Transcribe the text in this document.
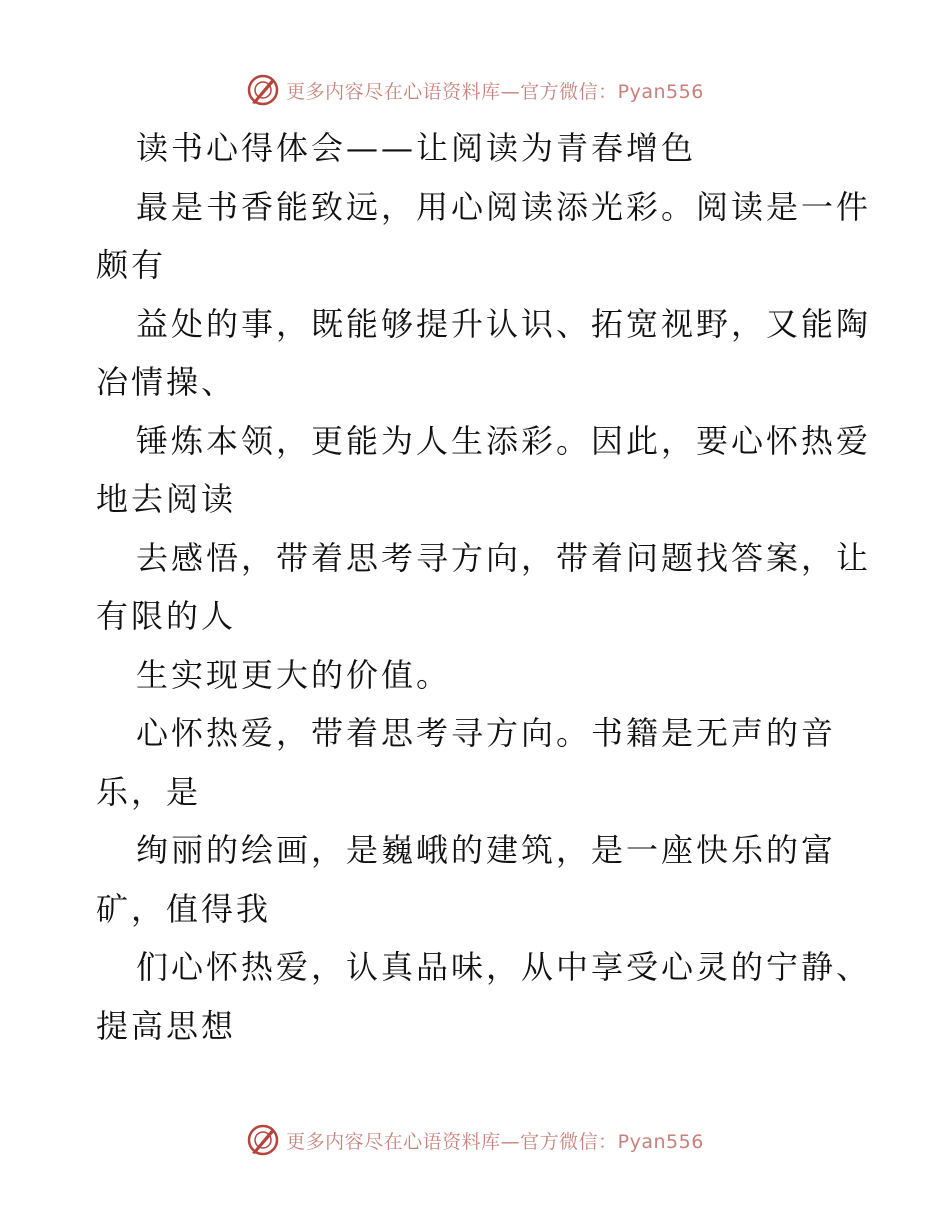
更多内容尽在心语资料库—官方微信：Pyan556
读书心得体会——让阅读为青春增色
最是书香能致远，用心阅读添光彩。阅读是一件
颇有
益处的事，既能够提升认识、拓宽视野，又能陶
冶情操、
锤炼本领，更能为人生添彩。因此，要心怀热爱
地去阅读
去感悟，带着思考寻方向，带着问题找答案，让
有限的人
生实现更大的价值。
心怀热爱，带着思考寻方向。书籍是无声的音
乐，是
绚丽的绘画，是巍峨的建筑，是一座快乐的富
矿，值得我
们心怀热爱，认真品味，从中享受心灵的宁静、
提高思想
更多内容尽在心语资料库—官方微信：Pyan556
